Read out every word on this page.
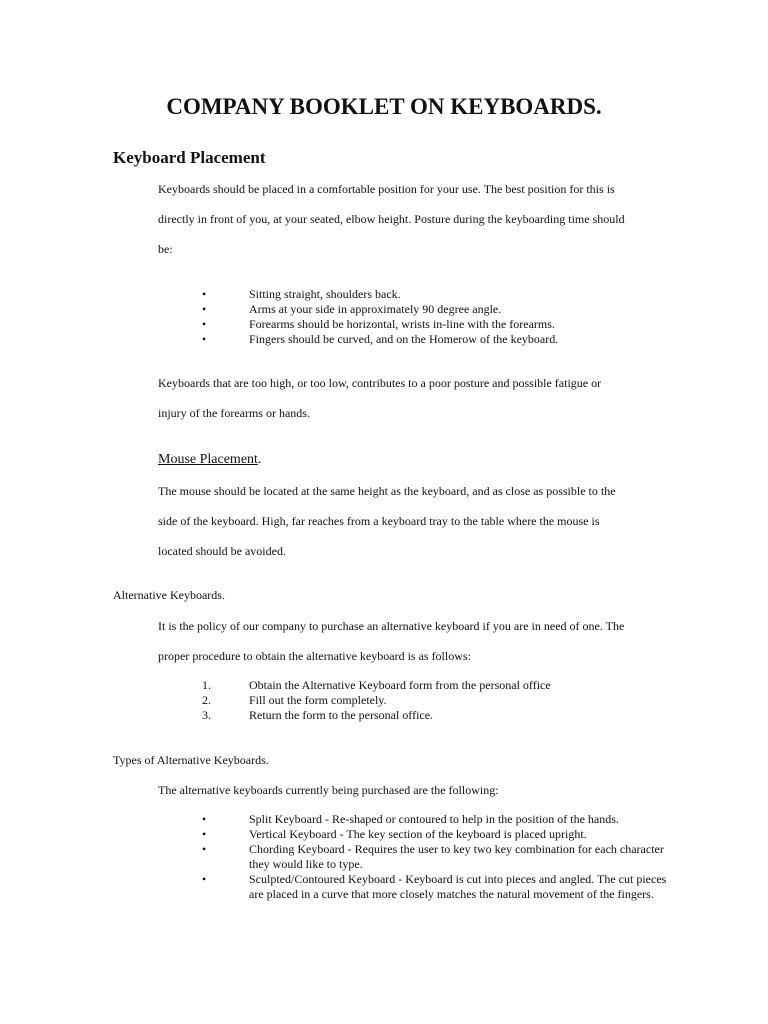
COMPANY BOOKLET ON KEYBOARDS.
Keyboard Placement
Keyboards should be placed in a comfortable position for your use. The best position for this is
directly in front of you, at your seated, elbow height. Posture during the keyboarding time should
be:
•	Sitting straight, shoulders back.
•	Arms at your side in approximately 90 degree angle.
•	Forearms should be horizontal, wrists in-line with the forearms.
•	Fingers should be curved, and on the Homerow of the keyboard.
Keyboards that are too high, or too low, contributes to a poor posture and possible fatigue or
injury of the forearms or hands.

Mouse Placement.

The mouse should be located at the same height as the keyboard, and as close as possible to the
side of the keyboard. High, far reaches from a keyboard tray to the table where the mouse is
located should be avoided.

Alternative Keyboards.

It is the policy of our company to purchase an alternative keyboard if you are in need of one. The
proper procedure to obtain the alternative keyboard is as follows:
1.	Obtain the Alternative Keyboard form from the personal office
2.	Fill out the form completely.
3.	Return the form to the personal office.

Types of Alternative Keyboards.

The alternative keyboards currently being purchased are the following:

•	Split Keyboard - Re-shaped or contoured to help in the position of the hands.
•	Vertical Keyboard - The key section of the keyboard is placed upright.
•	Chording Keyboard - Requires the user to key two key combination for each character they would like to type.
•	Sculpted/Contoured Keyboard - Keyboard is cut into pieces and angled. The cut pieces are placed in a curve that more closely matches the natural movement of the fingers.
